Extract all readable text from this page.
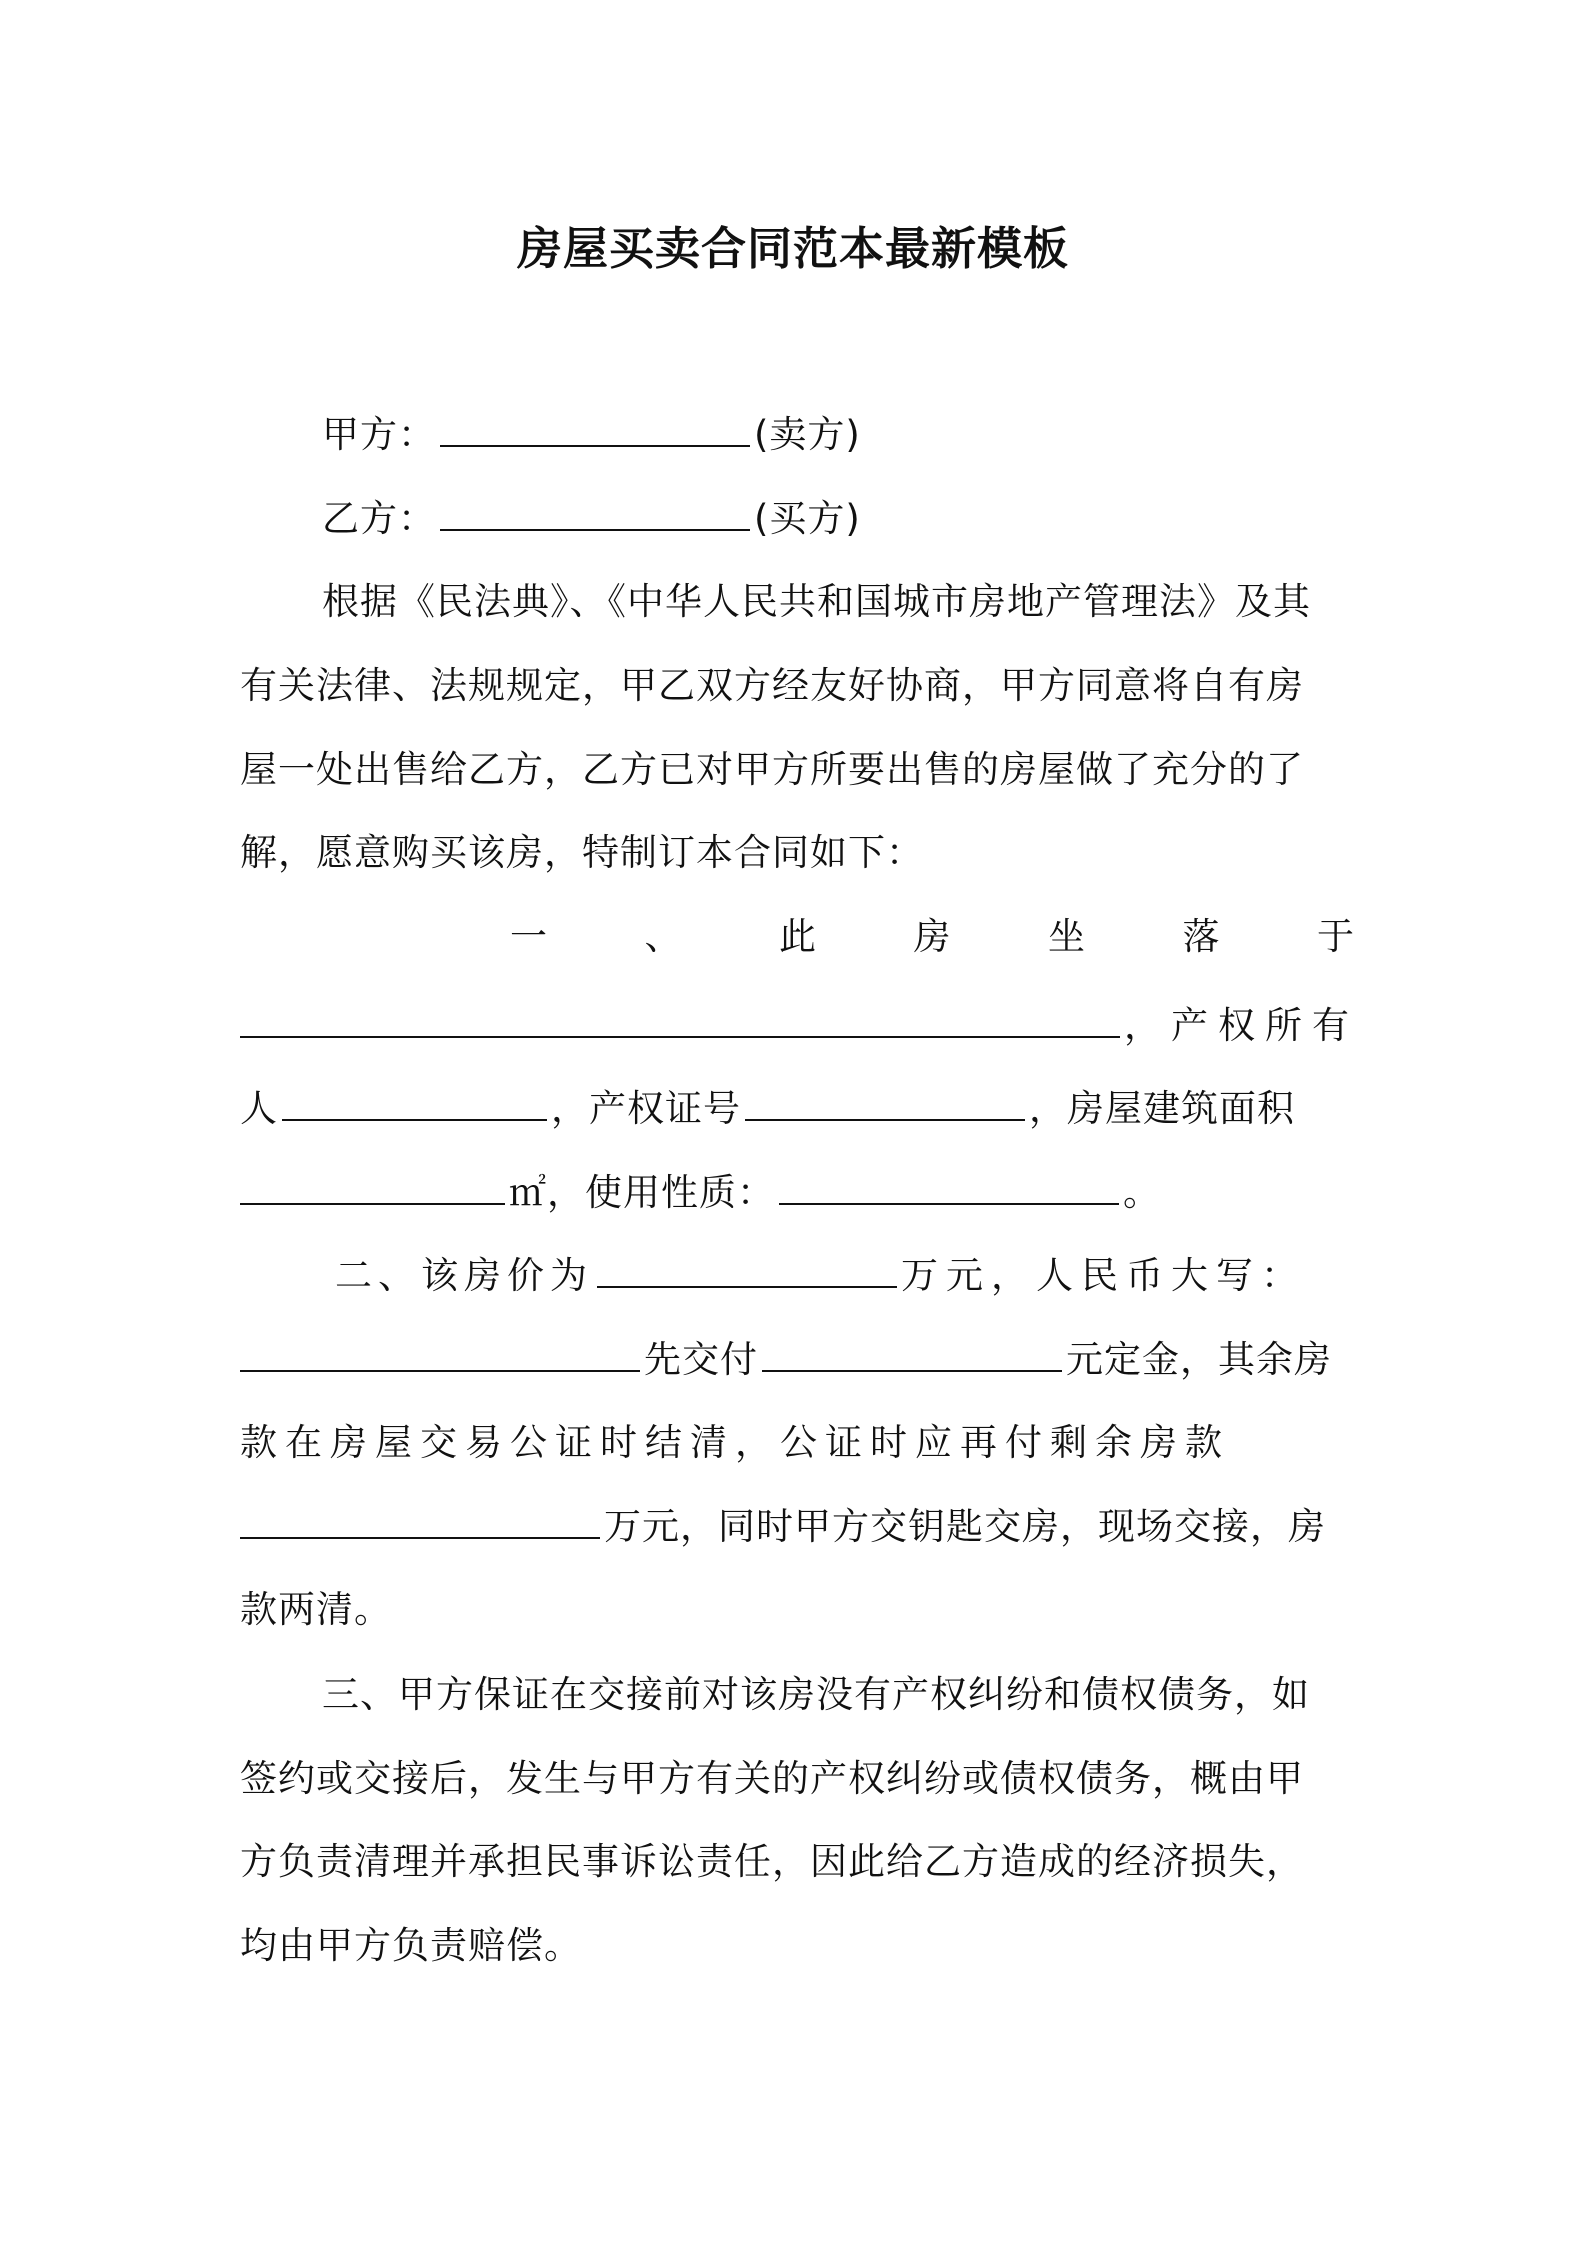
房屋买卖合同范本最新模板
甲方：	(卖方)
乙方：	(买方)
根据《民法典》、《中华人民共和国城市房地产管理法》及其
有关法律、法规规定，甲乙双方经友好协商，甲方同意将自有房
屋一处出售给乙方，乙方已对甲方所要出售的房屋做了充分的了
解，愿意购买该房，特制订本合同如下：
一	、	此	房	坐	落	于
，产权所有
人	，产权证号	，房屋建筑面积
㎡，使用性质：	。
二、该房价为	万元，人民币大写：
先交付	元定金，其余房
款在房屋交易公证时结清，公证时应再付剩余房款
万元，同时甲方交钥匙交房，现场交接，房
款两清。
三、甲方保证在交接前对该房没有产权纠纷和债权债务，如
签约或交接后，发生与甲方有关的产权纠纷或债权债务，概由甲
方负责清理并承担民事诉讼责任，因此给乙方造成的经济损失，
均由甲方负责赔偿。
